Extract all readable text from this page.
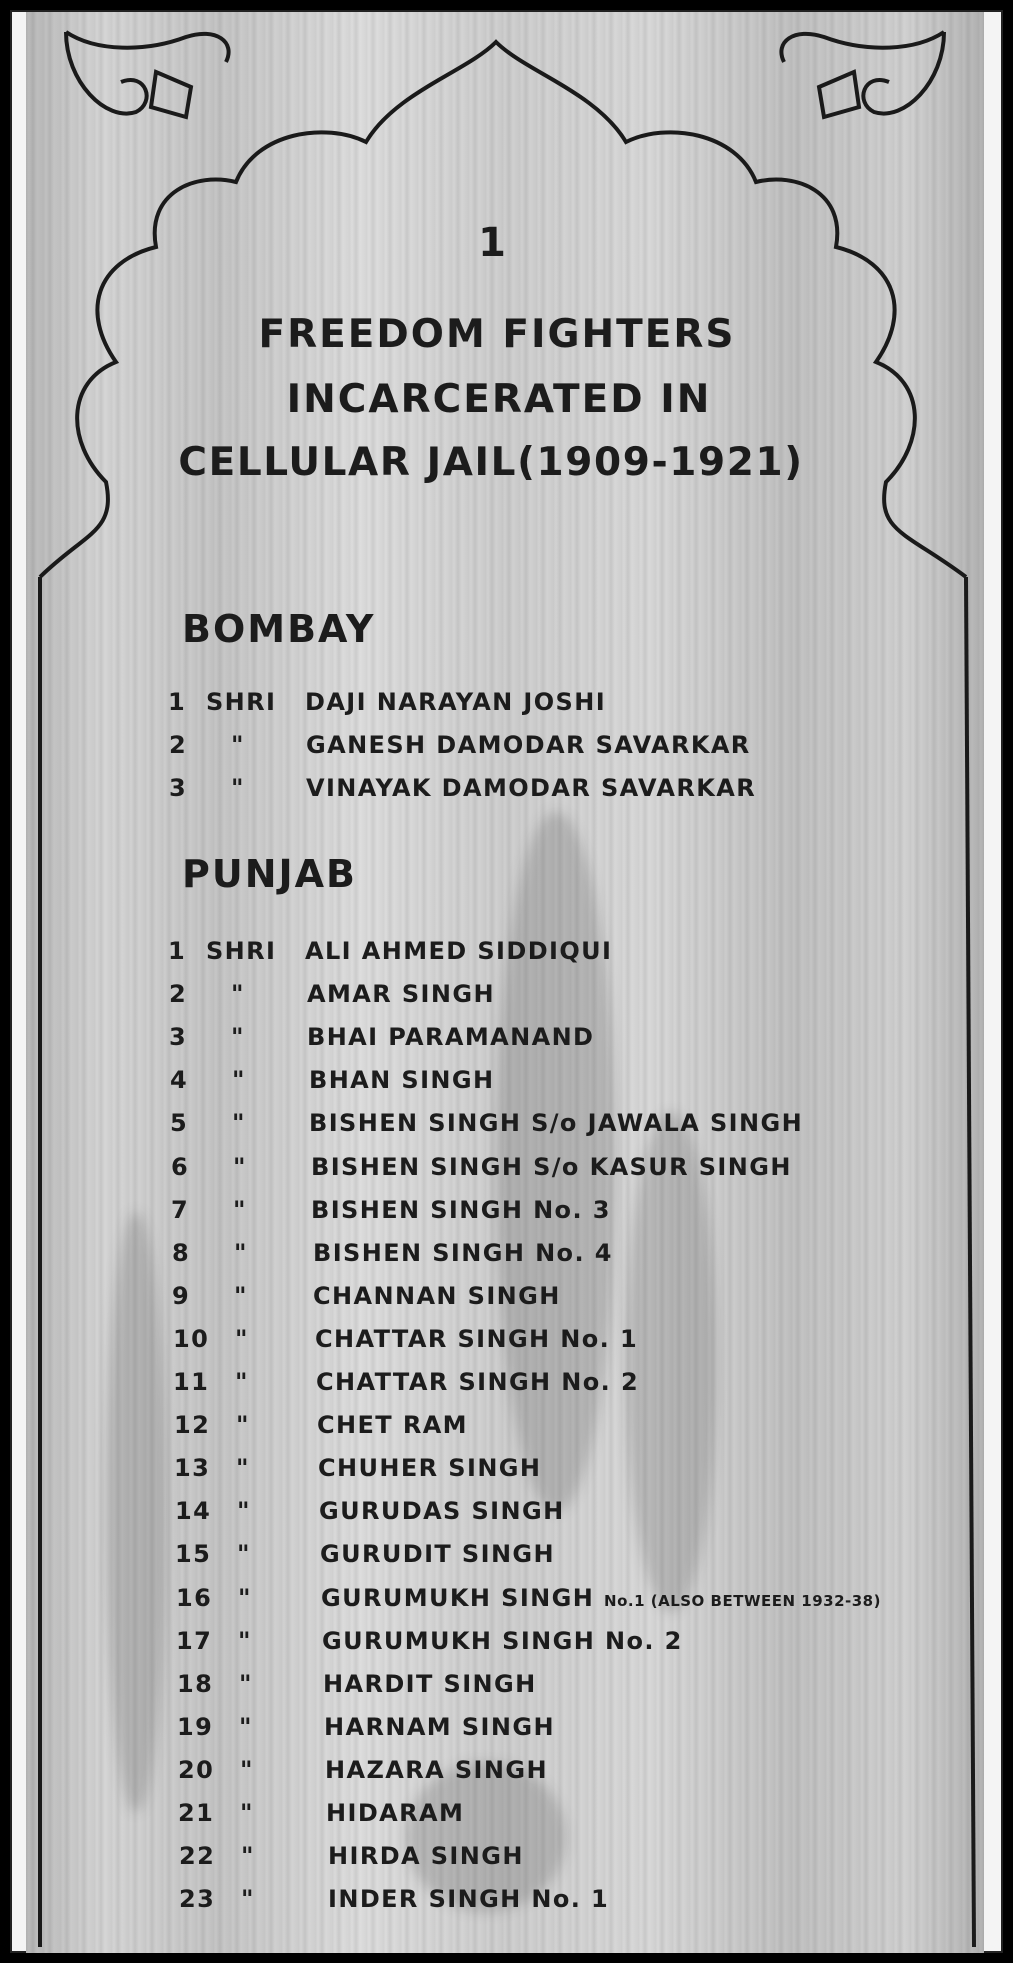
1
FREEDOM FIGHTERS
INCARCERATED IN
CELLULAR JAIL(1909-1921)
BOMBAY
1 SHRI DAJI NARAYAN JOSHI
2 "	GANESH DAMODAR SAVARKAR
3 "	VINAYAK DAMODAR SAVARKAR
PUNJAB
1 SHRI ALI AHMED SIDDIQUI
2 "	AMAR SINGH
3 "	BHAI PARAMANAND
4 "	BHAN SINGH
5 "	BISHEN SINGH S/o JAWALA SINGH
6 "	BISHEN SINGH S/o KASUR SINGH
7 "	BISHEN SINGH No. 3
8 "	BISHEN SINGH No. 4
9 "	CHANNAN SINGH
10 "	CHATTAR SINGH No. 1
11 "	CHATTAR SINGH No. 2
12 "	CHET RAM
13 "	CHUHER SINGH
14 "	GURUDAS SINGH
15 "	GURUDIT SINGH
16 "	GURUMUKH SINGH No.1 (ALSO BETWEEN 1932-38)
17 "	GURUMUKH SINGH No. 2
18 "	HARDIT SINGH
19 "	HARNAM SINGH
20 "	HAZARA SINGH
21 "	HIDARAM
22 "	HIRDA SINGH
23 "	INDER SINGH No. 1
